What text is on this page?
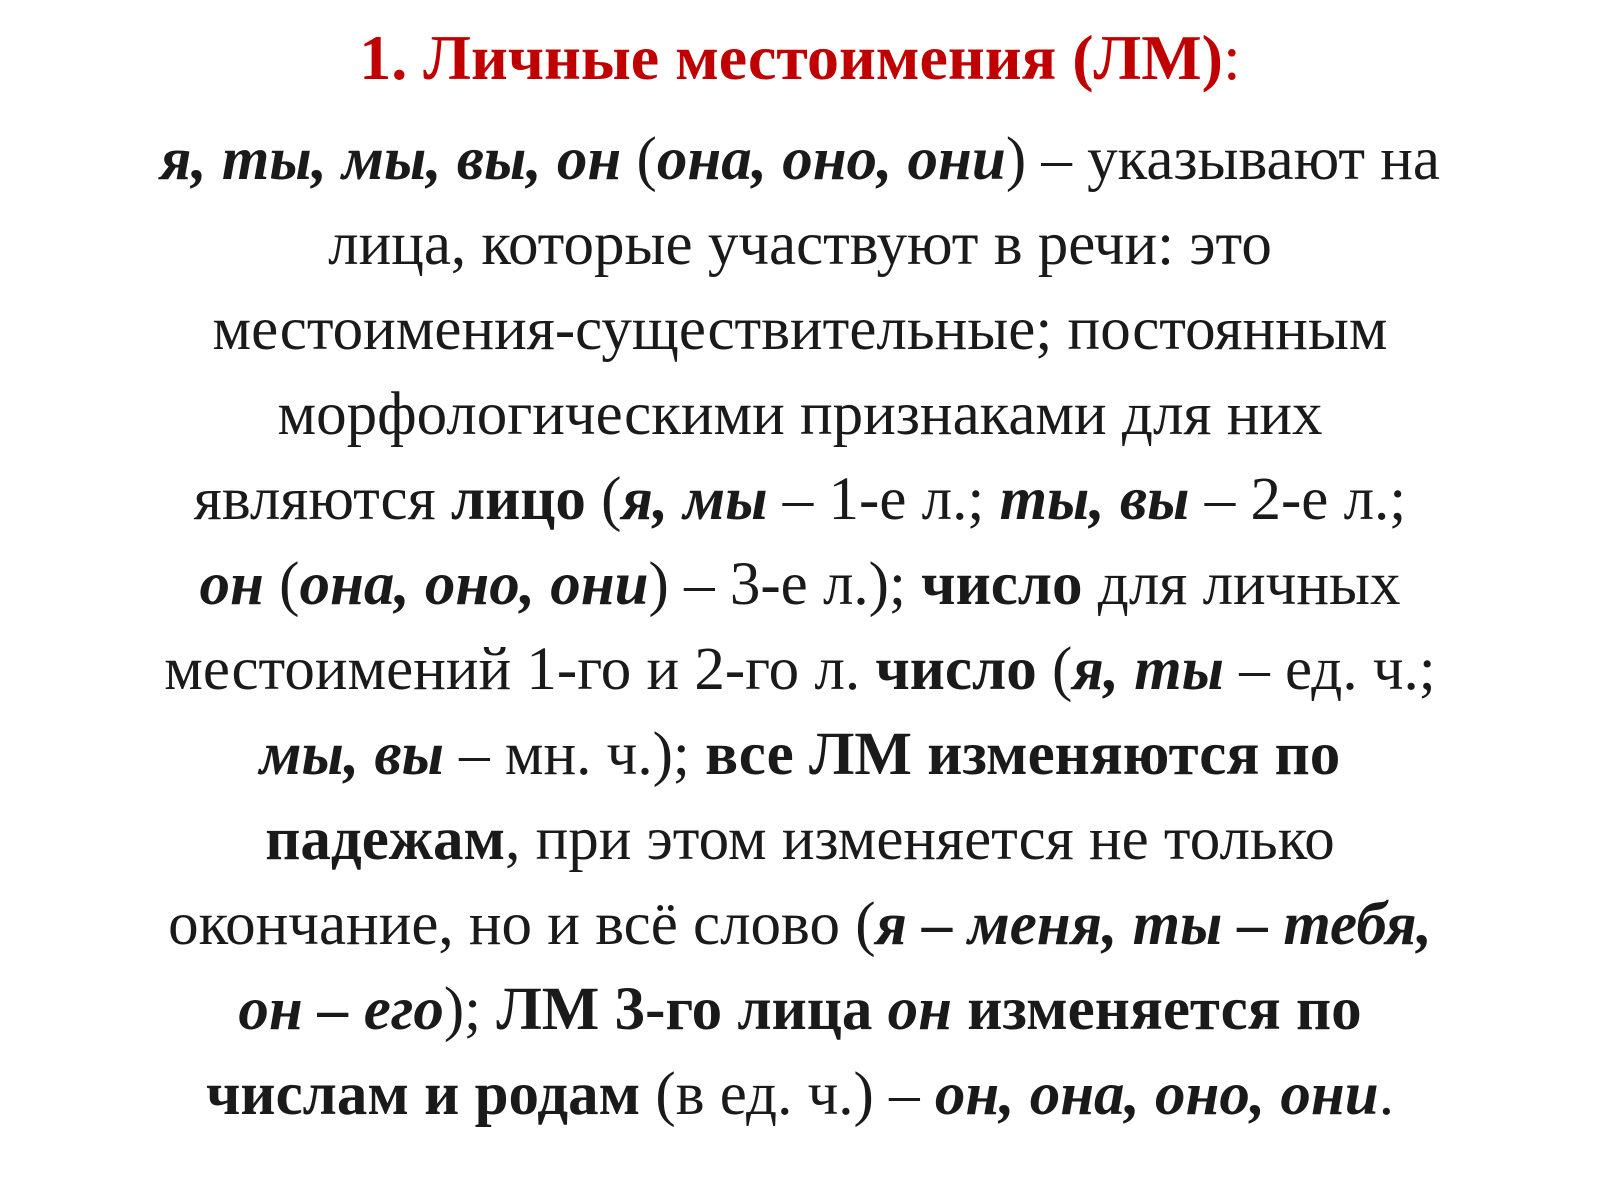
1. Личные местоимения (ЛМ):
я, ты, мы, вы, он (она, оно, они) – указывают на
лица, которые участвуют в речи: это
местоимения-существительные; постоянным
морфологическими признаками для них
являются лицо (я, мы – 1-е л.; ты, вы – 2-е л.;
он (она, оно, они) – 3-е л.); число для личных
местоимений 1-го и 2-го л. число (я, ты – ед. ч.;
мы, вы – мн. ч.); все ЛМ изменяются по
падежам, при этом изменяется не только
окончание, но и всё слово (я – меня, ты – тебя,
он – его); ЛМ 3-го лица он изменяется по
числам и родам (в ед. ч.) – он, она, оно, они.
